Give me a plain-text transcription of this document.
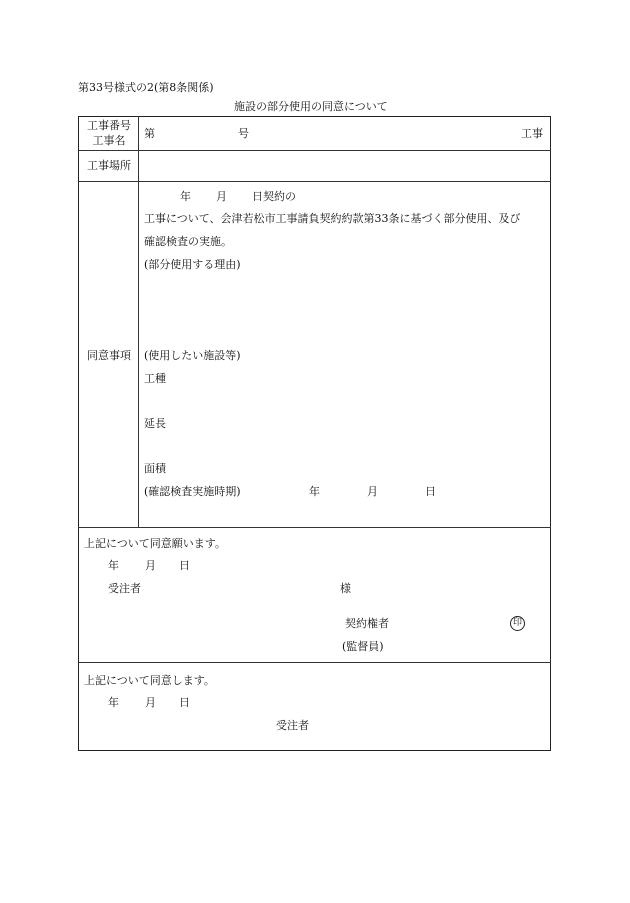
第33号様式の2(第8条関係)
施設の部分使用の同意について
工事番号
工事名
第	号	工事
工事場所
同意事項
年 月 日契約の
工事について、会津若松市工事請負契約約款第33条に基づく部分使用、及び
確認検査の実施。
(部分使用する理由)
(使用したい施設等)
工種
延長
面積
(確認検査実施時期)	年	月	日
上記について同意願います。
年 月 日
受注者	様
契約権者	印
(監督員)
上記について同意します。
年 月 日
受注者
